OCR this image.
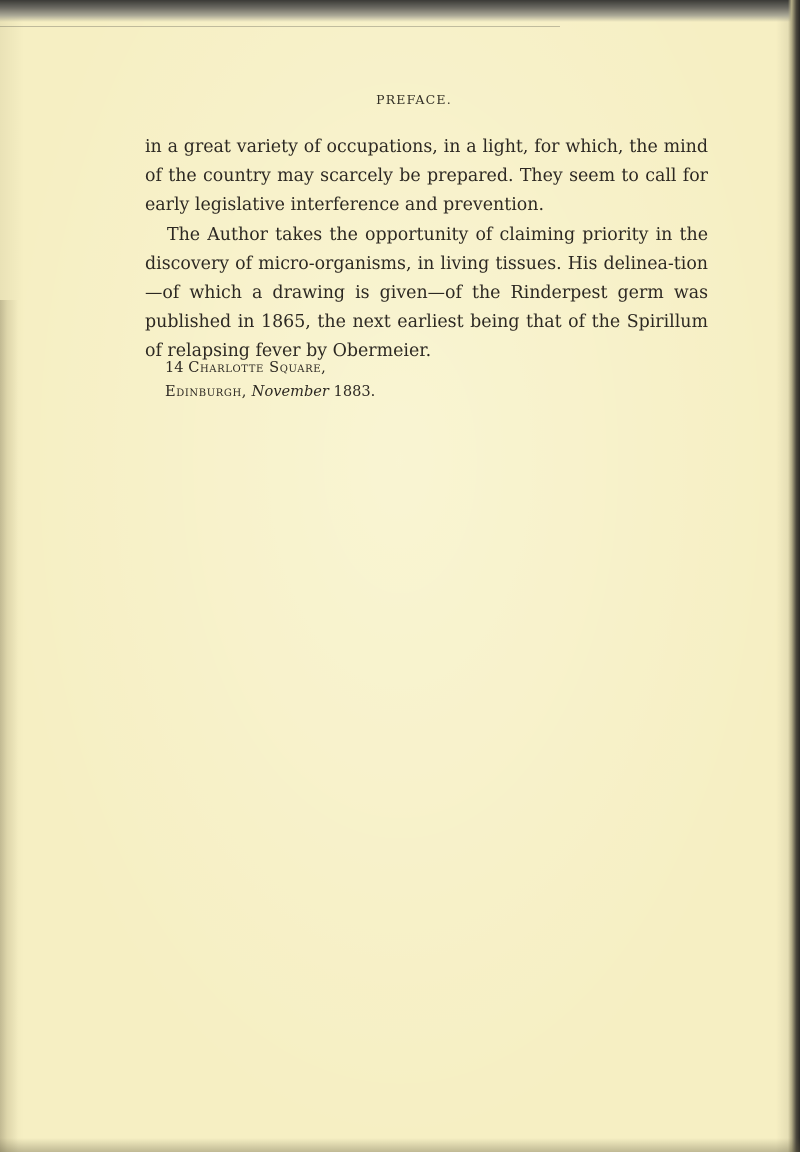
PREFACE.

in a great variety of occupations, in a light, for which, the mind of the country may scarcely be prepared. They seem to call for early legislative interference and prevention.

The Author takes the opportunity of claiming priority in the discovery of micro-organisms, in living tissues. His delinea-tion—of which a drawing is given—of the Rinderpest germ was published in 1865, the next earliest being that of the Spirillum of relapsing fever by Obermeier.

14 Charlotte Square,
Edinburgh, November 1883.
